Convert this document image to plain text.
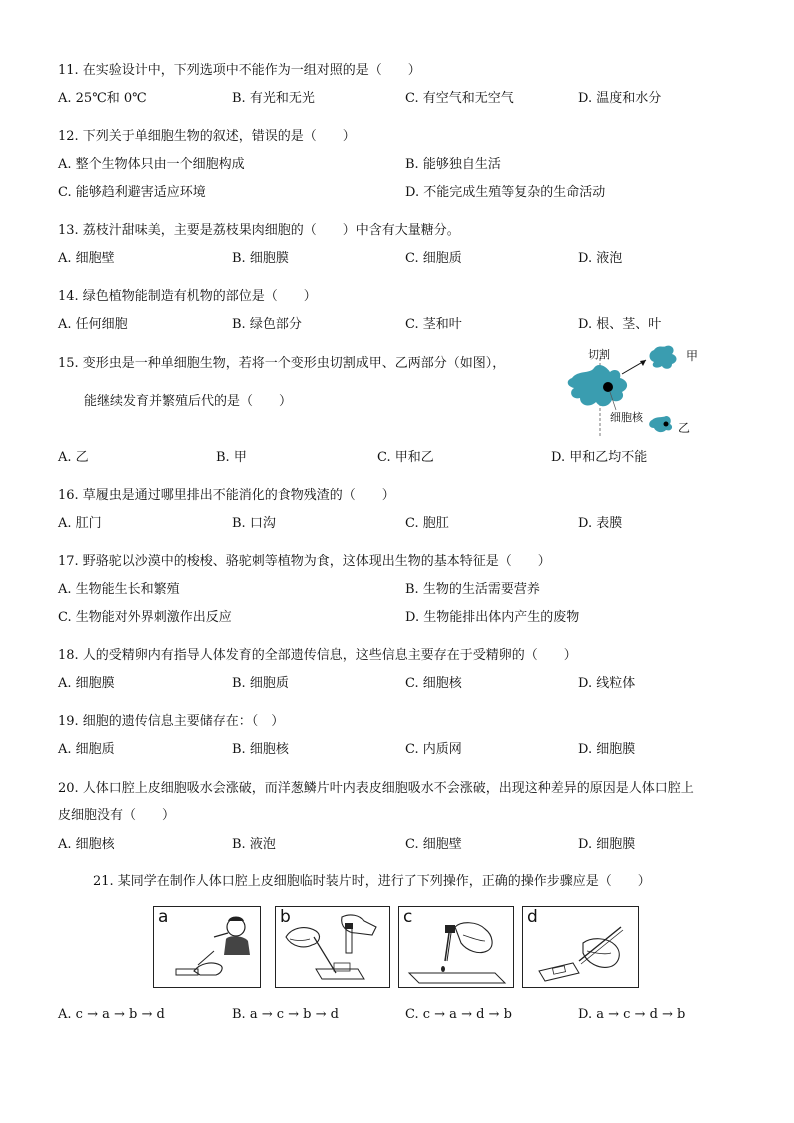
11. 在实验设计中，下列选项中不能作为一组对照的是（　　）
A. 25℃和 0℃	B. 有光和无光	C. 有空气和无空气	D. 温度和水分
12. 下列关于单细胞生物的叙述，错误的是（　　）
A. 整个生物体只由一个细胞构成	B. 能够独自生活
C. 能够趋利避害适应环境	D. 不能完成生殖等复杂的生命活动
13. 荔枝汁甜味美，主要是荔枝果肉细胞的（　　）中含有大量糖分。
A. 细胞壁	B. 细胞膜	C. 细胞质	D. 液泡
14. 绿色植物能制造有机物的部位是（　　）
A. 任何细胞	B. 绿色部分	C. 茎和叶	D. 根、茎、叶
15. 变形虫是一种单细胞生物，若将一个变形虫切割成甲、乙两部分（如图），
能继续发育并繁殖后代的是（　　）
切割	甲
细胞核
乙
A. 乙	B. 甲	C. 甲和乙	D. 甲和乙均不能
16. 草履虫是通过哪里排出不能消化的食物残渣的（　　）
A. 肛门	B. 口沟	C. 胞肛	D. 表膜
17. 野骆驼以沙漠中的梭梭、骆驼刺等植物为食，这体现出生物的基本特征是（　　）
A. 生物能生长和繁殖	B. 生物的生活需要营养
C. 生物能对外界刺激作出反应	D. 生物能排出体内产生的废物
18. 人的受精卵内有指导人体发育的全部遗传信息，这些信息主要存在于受精卵的（　　）
A. 细胞膜	B. 细胞质	C. 细胞核	D. 线粒体
19. 细胞的遗传信息主要储存在：（　）
A. 细胞质	B. 细胞核	C. 内质网	D. 细胞膜
20. 人体口腔上皮细胞吸水会涨破，而洋葱鳞片叶内表皮细胞吸水不会涨破，出现这种差异的原因是人体口腔上
皮细胞没有（　　）
A. 细胞核	B. 液泡	C. 细胞壁	D. 细胞膜
21. 某同学在制作人体口腔上皮细胞临时装片时，进行了下列操作，正确的操作步骤应是（　　）
a	b	c	d
A. c → a → b → d	B. a → c → b → d	C. c → a → d → b	D. a → c → d → b
